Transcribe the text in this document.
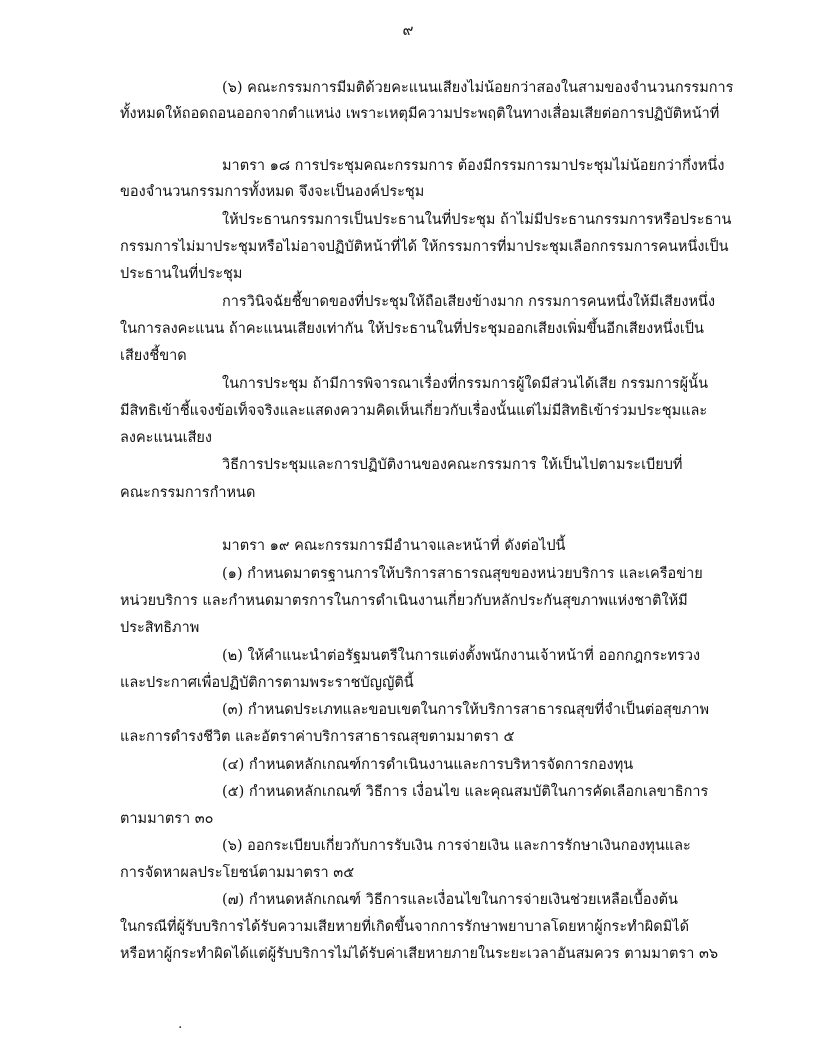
๙
(๖) คณะกรรมการมีมติด้วยคะแนนเสียงไม่น้อยกว่าสองในสามของจำนวนกรรมการ
ทั้งหมดให้ถอดถอนออกจากตำแหน่ง เพราะเหตุมีความประพฤติในทางเสื่อมเสียต่อการปฏิบัติหน้าที่
มาตรา ๑๘ การประชุมคณะกรรมการ ต้องมีกรรมการมาประชุมไม่น้อยกว่ากึ่งหนึ่ง
ของจำนวนกรรมการทั้งหมด จึงจะเป็นองค์ประชุม
ให้ประธานกรรมการเป็นประธานในที่ประชุม ถ้าไม่มีประธานกรรมการหรือประธาน
กรรมการไม่มาประชุมหรือไม่อาจปฏิบัติหน้าที่ได้ ให้กรรมการที่มาประชุมเลือกกรรมการคนหนึ่งเป็น
ประธานในที่ประชุม
การวินิจฉัยชี้ขาดของที่ประชุมให้ถือเสียงข้างมาก กรรมการคนหนึ่งให้มีเสียงหนึ่ง
ในการลงคะแนน ถ้าคะแนนเสียงเท่ากัน ให้ประธานในที่ประชุมออกเสียงเพิ่มขึ้นอีกเสียงหนึ่งเป็น
เสียงชี้ขาด
ในการประชุม ถ้ามีการพิจารณาเรื่องที่กรรมการผู้ใดมีส่วนได้เสีย กรรมการผู้นั้น
มีสิทธิเข้าชี้แจงข้อเท็จจริงและแสดงความคิดเห็นเกี่ยวกับเรื่องนั้นแต่ไม่มีสิทธิเข้าร่วมประชุมและ
ลงคะแนนเสียง
วิธีการประชุมและการปฏิบัติงานของคณะกรรมการ ให้เป็นไปตามระเบียบที่
คณะกรรมการกำหนด
มาตรา ๑๙ คณะกรรมการมีอำนาจและหน้าที่ ดังต่อไปนี้
(๑) กำหนดมาตรฐานการให้บริการสาธารณสุขของหน่วยบริการ และเครือข่าย
หน่วยบริการ และกำหนดมาตรการในการดำเนินงานเกี่ยวกับหลักประกันสุขภาพแห่งชาติให้มี
ประสิทธิภาพ
(๒) ให้คำแนะนำต่อรัฐมนตรีในการแต่งตั้งพนักงานเจ้าหน้าที่ ออกกฎกระทรวง
และประกาศเพื่อปฏิบัติการตามพระราชบัญญัตินี้
(๓) กำหนดประเภทและขอบเขตในการให้บริการสาธารณสุขที่จำเป็นต่อสุขภาพ
และการดำรงชีวิต และอัตราค่าบริการสาธารณสุขตามมาตรา ๕
(๔) กำหนดหลักเกณฑ์การดำเนินงานและการบริหารจัดการกองทุน
(๕) กำหนดหลักเกณฑ์ วิธีการ เงื่อนไข และคุณสมบัติในการคัดเลือกเลขาธิการ
ตามมาตรา ๓๐
(๖) ออกระเบียบเกี่ยวกับการรับเงิน การจ่ายเงิน และการรักษาเงินกองทุนและ
การจัดหาผลประโยชน์ตามมาตรา ๓๕
(๗) กำหนดหลักเกณฑ์ วิธีการและเงื่อนไขในการจ่ายเงินช่วยเหลือเบื้องต้น
ในกรณีที่ผู้รับบริการได้รับความเสียหายที่เกิดขึ้นจากการรักษาพยาบาลโดยหาผู้กระทำผิดมิได้
หรือหาผู้กระทำผิดได้แต่ผู้รับบริการไม่ได้รับค่าเสียหายภายในระยะเวลาอันสมควร ตามมาตรา ๓๖
·
